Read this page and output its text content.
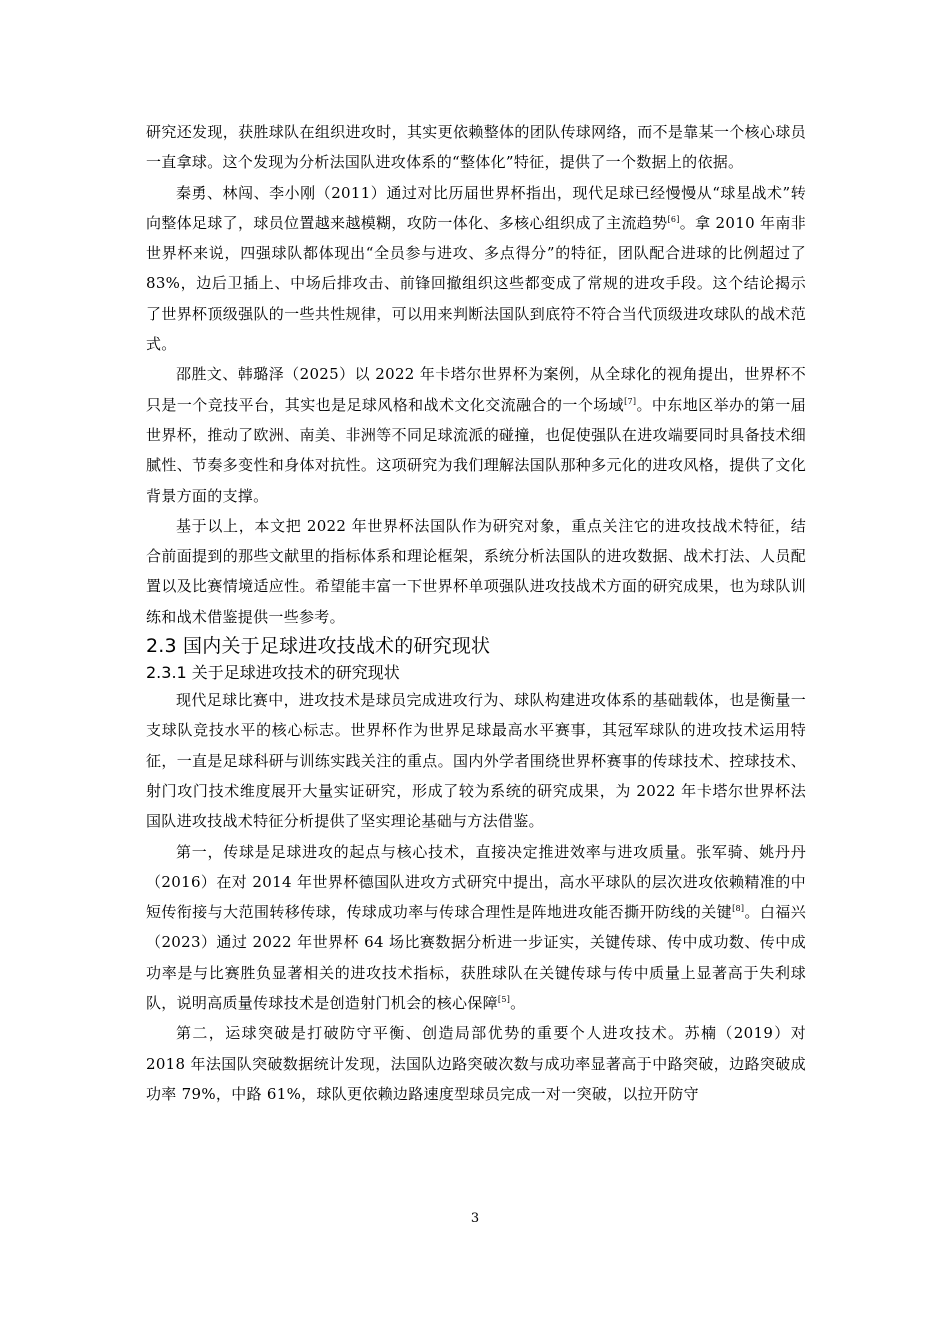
研究还发现，获胜球队在组织进攻时，其实更依赖整体的团队传球网络，而不是靠某一个核心球员一直拿球。这个发现为分析法国队进攻体系的“整体化”特征，提供了一个数据上的依据。

秦勇、林闯、李小刚（2011）通过对比历届世界杯指出，现代足球已经慢慢从“球星战术”转向整体足球了，球员位置越来越模糊，攻防一体化、多核心组织成了主流趋势[6]。拿 2010 年南非世界杯来说，四强球队都体现出“全员参与进攻、多点得分”的特征，团队配合进球的比例超过了 83%，边后卫插上、中场后排攻击、前锋回撤组织这些都变成了常规的进攻手段。这个结论揭示了世界杯顶级强队的一些共性规律，可以用来判断法国队到底符不符合当代顶级进攻球队的战术范式。

邵胜文、韩璐泽（2025）以 2022 年卡塔尔世界杯为案例，从全球化的视角提出，世界杯不只是一个竞技平台，其实也是足球风格和战术文化交流融合的一个场域[7]。中东地区举办的第一届世界杯，推动了欧洲、南美、非洲等不同足球流派的碰撞，也促使强队在进攻端要同时具备技术细腻性、节奏多变性和身体对抗性。这项研究为我们理解法国队那种多元化的进攻风格，提供了文化背景方面的支撑。

基于以上，本文把 2022 年世界杯法国队作为研究对象，重点关注它的进攻技战术特征，结合前面提到的那些文献里的指标体系和理论框架，系统分析法国队的进攻数据、战术打法、人员配置以及比赛情境适应性。希望能丰富一下世界杯单项强队进攻技战术方面的研究成果，也为球队训练和战术借鉴提供一些参考。

2.3 国内关于足球进攻技战术的研究现状
2.3.1 关于足球进攻技术的研究现状

现代足球比赛中，进攻技术是球员完成进攻行为、球队构建进攻体系的基础载体，也是衡量一支球队竞技水平的核心标志。世界杯作为世界足球最高水平赛事，其冠军球队的进攻技术运用特征，一直是足球科研与训练实践关注的重点。国内外学者围绕世界杯赛事的传球技术、控球技术、射门攻门技术维度展开大量实证研究，形成了较为系统的研究成果，为 2022 年卡塔尔世界杯法国队进攻技战术特征分析提供了坚实理论基础与方法借鉴。

第一，传球是足球进攻的起点与核心技术，直接决定推进效率与进攻质量。张军骑、姚丹丹（2016）在对 2014 年世界杯德国队进攻方式研究中提出，高水平球队的层次进攻依赖精准的中短传衔接与大范围转移传球，传球成功率与传球合理性是阵地进攻能否撕开防线的关键[8]。白福兴（2023）通过 2022 年世界杯 64 场比赛数据分析进一步证实，关键传球、传中成功数、传中成功率是与比赛胜负显著相关的进攻技术指标，获胜球队在关键传球与传中质量上显著高于失利球队，说明高质量传球技术是创造射门机会的核心保障[5]。

第二，运球突破是打破防守平衡、创造局部优势的重要个人进攻技术。苏楠（2019）对 2018 年法国队突破数据统计发现，法国队边路突破次数与成功率显著高于中路突破，边路突破成功率 79%，中路 61%，球队更依赖边路速度型球员完成一对一突破，以拉开防守

3
